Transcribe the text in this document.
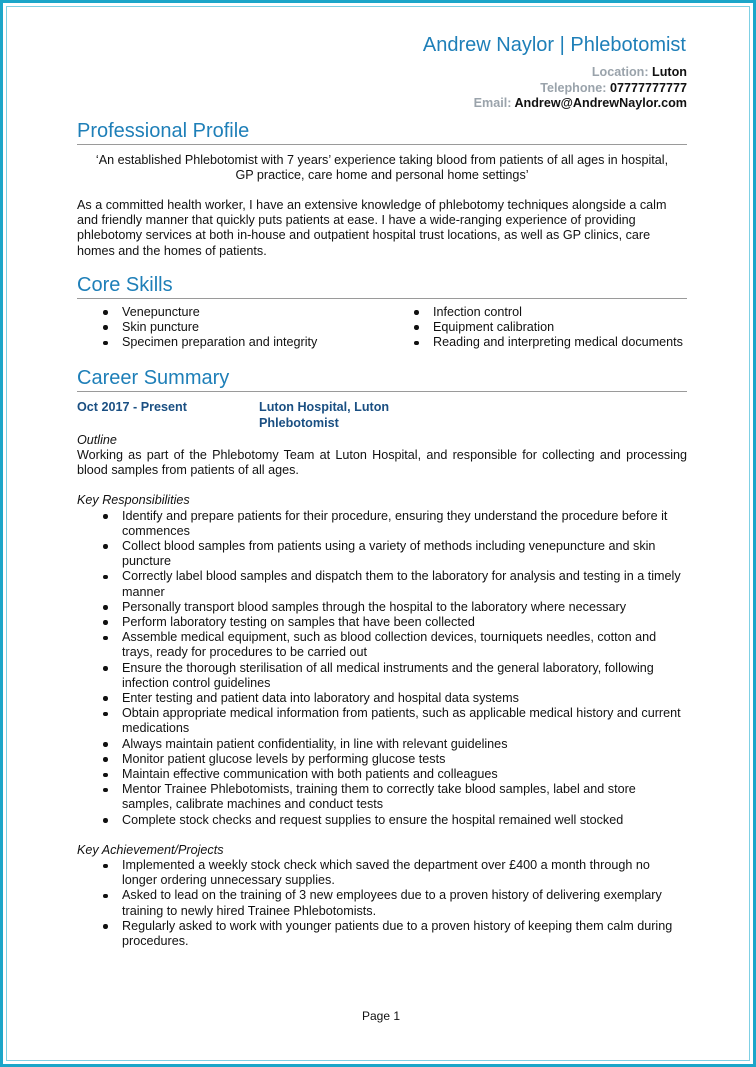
Andrew Naylor | Phlebotomist
Location: Luton
Telephone: 07777777777
Email: Andrew@AndrewNaylor.com
Professional Profile
‘An established Phlebotomist with 7 years’ experience taking blood from patients of all ages in hospital, GP practice, care home and personal home settings’
As a committed health worker, I have an extensive knowledge of phlebotomy techniques alongside a calm and friendly manner that quickly puts patients at ease. I have a wide-ranging experience of providing phlebotomy services at both in-house and outpatient hospital trust locations, as well as GP clinics, care homes and the homes of patients.
Core Skills
Venepuncture
Skin puncture
Specimen preparation and integrity
Infection control
Equipment calibration
Reading and interpreting medical documents
Career Summary
Oct 2017 - Present	Luton Hospital, Luton
Phlebotomist
Outline
Working as part of the Phlebotomy Team at Luton Hospital, and responsible for collecting and processing blood samples from patients of all ages.
Key Responsibilities
Identify and prepare patients for their procedure, ensuring they understand the procedure before it commences
Collect blood samples from patients using a variety of methods including venepuncture and skin puncture
Correctly label blood samples and dispatch them to the laboratory for analysis and testing in a timely manner
Personally transport blood samples through the hospital to the laboratory where necessary
Perform laboratory testing on samples that have been collected
Assemble medical equipment, such as blood collection devices, tourniquets needles, cotton and trays, ready for procedures to be carried out
Ensure the thorough sterilisation of all medical instruments and the general laboratory, following infection control guidelines
Enter testing and patient data into laboratory and hospital data systems
Obtain appropriate medical information from patients, such as applicable medical history and current medications
Always maintain patient confidentiality, in line with relevant guidelines
Monitor patient glucose levels by performing glucose tests
Maintain effective communication with both patients and colleagues
Mentor Trainee Phlebotomists, training them to correctly take blood samples, label and store samples, calibrate machines and conduct tests
Complete stock checks and request supplies to ensure the hospital remained well stocked
Key Achievement/Projects
Implemented a weekly stock check which saved the department over £400 a month through no longer ordering unnecessary supplies.
Asked to lead on the training of 3 new employees due to a proven history of delivering exemplary training to newly hired Trainee Phlebotomists.
Regularly asked to work with younger patients due to a proven history of keeping them calm during procedures.
Page 1
